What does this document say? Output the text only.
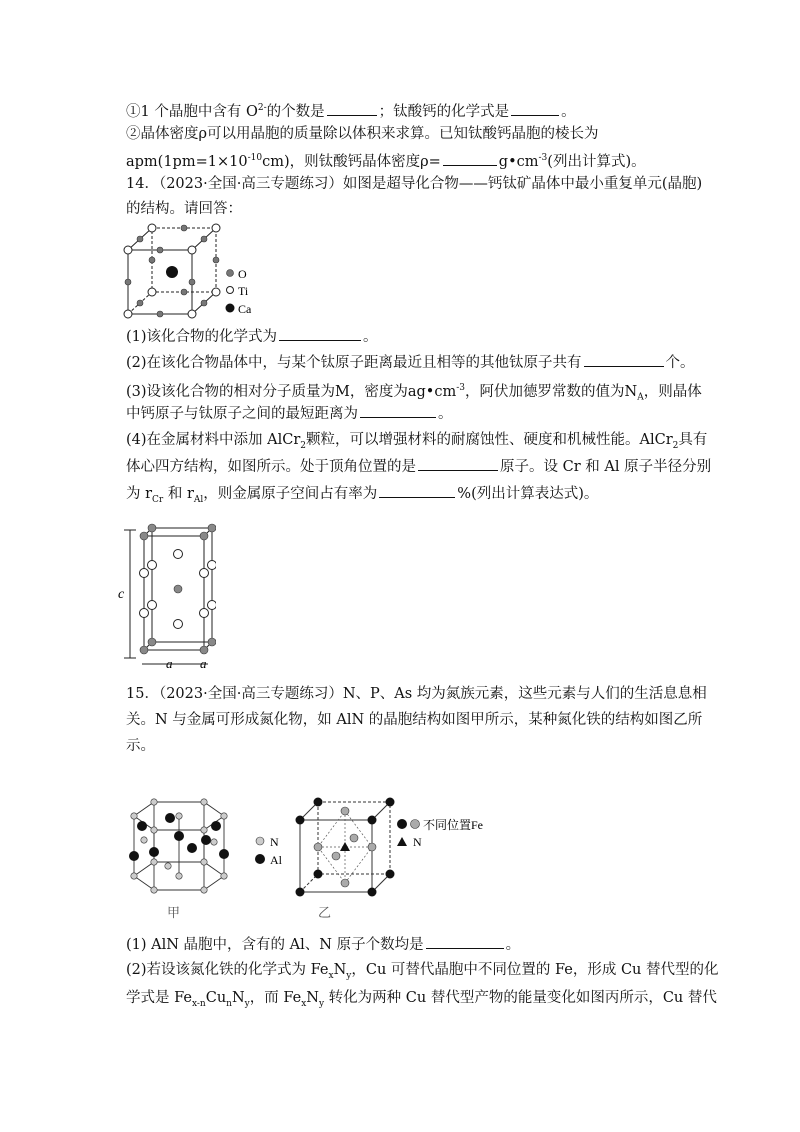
①1 个晶胞中含有 $O^{2-}$的个数是	；钛酸钙的化学式是	。
②晶体密度ρ可以用晶胞的质量除以体积来求算。已知钛酸钙晶胞的棱长为
$apm(1pm=1\times 10^{-10}cm)$，则钛酸钙晶体密度ρ=	$g•cm^{-3}$(列出计算式)。
14．（2023·全国·高三专题练习）如图是超导化合物——钙钛矿晶体中最小重复单元(晶胞)
的结构。请回答：
O
Ti
Ca
(1)该化合物的化学式为	。
(2)在该化合物晶体中，与某个钛原子距离最近且相等的其他钛原子共有	个。
(3)设该化合物的相对分子质量为M，密度为$ag•cm^{-3}$，阿伏加德罗常数的值为$N_A$，则晶体
中钙原子与钛原子之间的最短距离为	。
(4)在金属材料中添加 AlCr$_2$颗粒，可以增强材料的耐腐蚀性、硬度和机械性能。AlCr$_2$具有
体心四方结构，如图所示。处于顶角位置的是	原子。设 Cr 和 Al 原子半径分别
为 $r_{Cr}$ 和 $r_{Al}$，则金属原子空间占有率为	%(列出计算表达式)。
c
a a
15．（2023·全国·高三专题练习）N、P、As 均为氮族元素，这些元素与人们的生活息息相
关。N 与金属可形成氮化物，如 AlN 的晶胞结构如图甲所示，某种氮化铁的结构如图乙所
示。
N
Al
甲
不同位置Fe
N
乙
(1) AlN 晶胞中，含有的 Al、N 原子个数均是	。
(2)若设该氮化铁的化学式为 $Fe_xN_y$，Cu 可替代晶胞中不同位置的 Fe，形成 Cu 替代型的化
学式是 $Fe_{x-n}Cu_nN_y$，而 $Fe_xN_y$ 转化为两种 Cu 替代型产物的能量变化如图丙所示，Cu 替代
